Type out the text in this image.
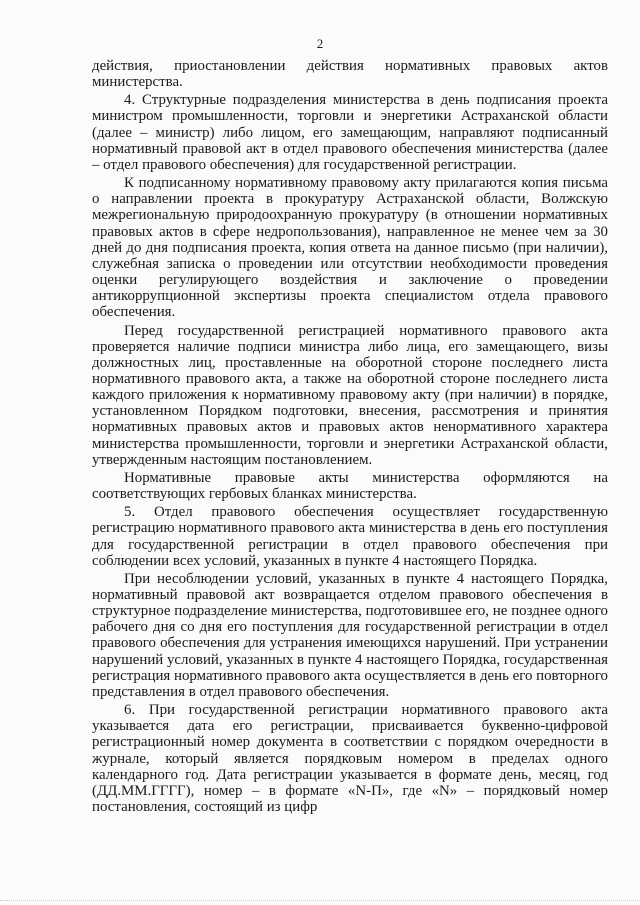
2

действия, приостановлении действия нормативных правовых актов министерства.

4. Структурные подразделения министерства в день подписания проекта министром промышленности, торговли и энергетики Астраханской области (далее – министр) либо лицом, его замещающим, направляют подписанный нормативный правовой акт в отдел правового обеспечения министерства (далее – отдел правового обеспечения) для государственной регистрации.

К подписанному нормативному правовому акту прилагаются копия письма о направлении проекта в прокуратуру Астраханской области, Волжскую межрегиональную природоохранную прокуратуру (в отношении нормативных правовых актов в сфере недропользования), направленное не менее чем за 30 дней до дня подписания проекта, копия ответа на данное письмо (при наличии), служебная записка о проведении или отсутствии необходимости проведения оценки регулирующего воздействия и заключение о проведении антикоррупционной экспертизы проекта специалистом отдела правового обеспечения.

Перед государственной регистрацией нормативного правового акта проверяется наличие подписи министра либо лица, его замещающего, визы должностных лиц, проставленные на оборотной стороне последнего листа нормативного правового акта, а также на оборотной стороне последнего листа каждого приложения к нормативному правовому акту (при наличии) в порядке, установленном Порядком подготовки, внесения, рассмотрения и принятия нормативных правовых актов и правовых актов ненормативного характера министерства промышленности, торговли и энергетики Астраханской области, утвержденным настоящим постановлением.

Нормативные правовые акты министерства оформляются на соответствующих гербовых бланках министерства.

5. Отдел правового обеспечения осуществляет государственную регистрацию нормативного правового акта министерства в день его поступления для государственной регистрации в отдел правового обеспечения при соблюдении всех условий, указанных в пункте 4 настоящего Порядка.

При несоблюдении условий, указанных в пункте 4 настоящего Порядка, нормативный правовой акт возвращается отделом правового обеспечения в структурное подразделение министерства, подготовившее его, не позднее одного рабочего дня со дня его поступления для государственной регистрации в отдел правового обеспечения для устранения имеющихся нарушений. При устранении нарушений условий, указанных в пункте 4 настоящего Порядка, государственная регистрация нормативного правового акта осуществляется в день его повторного представления в отдел правового обеспечения.

6. При государственной регистрации нормативного правового акта указывается дата его регистрации, присваивается буквенно-цифровой регистрационный номер документа в соответствии с порядком очередности в журнале, который является порядковым номером в пределах одного календарного год. Дата регистрации указывается в формате день, месяц, год (ДД.ММ.ГГГГ), номер – в формате «N-П», где «N» – порядковый номер постановления, состоящий из цифр
